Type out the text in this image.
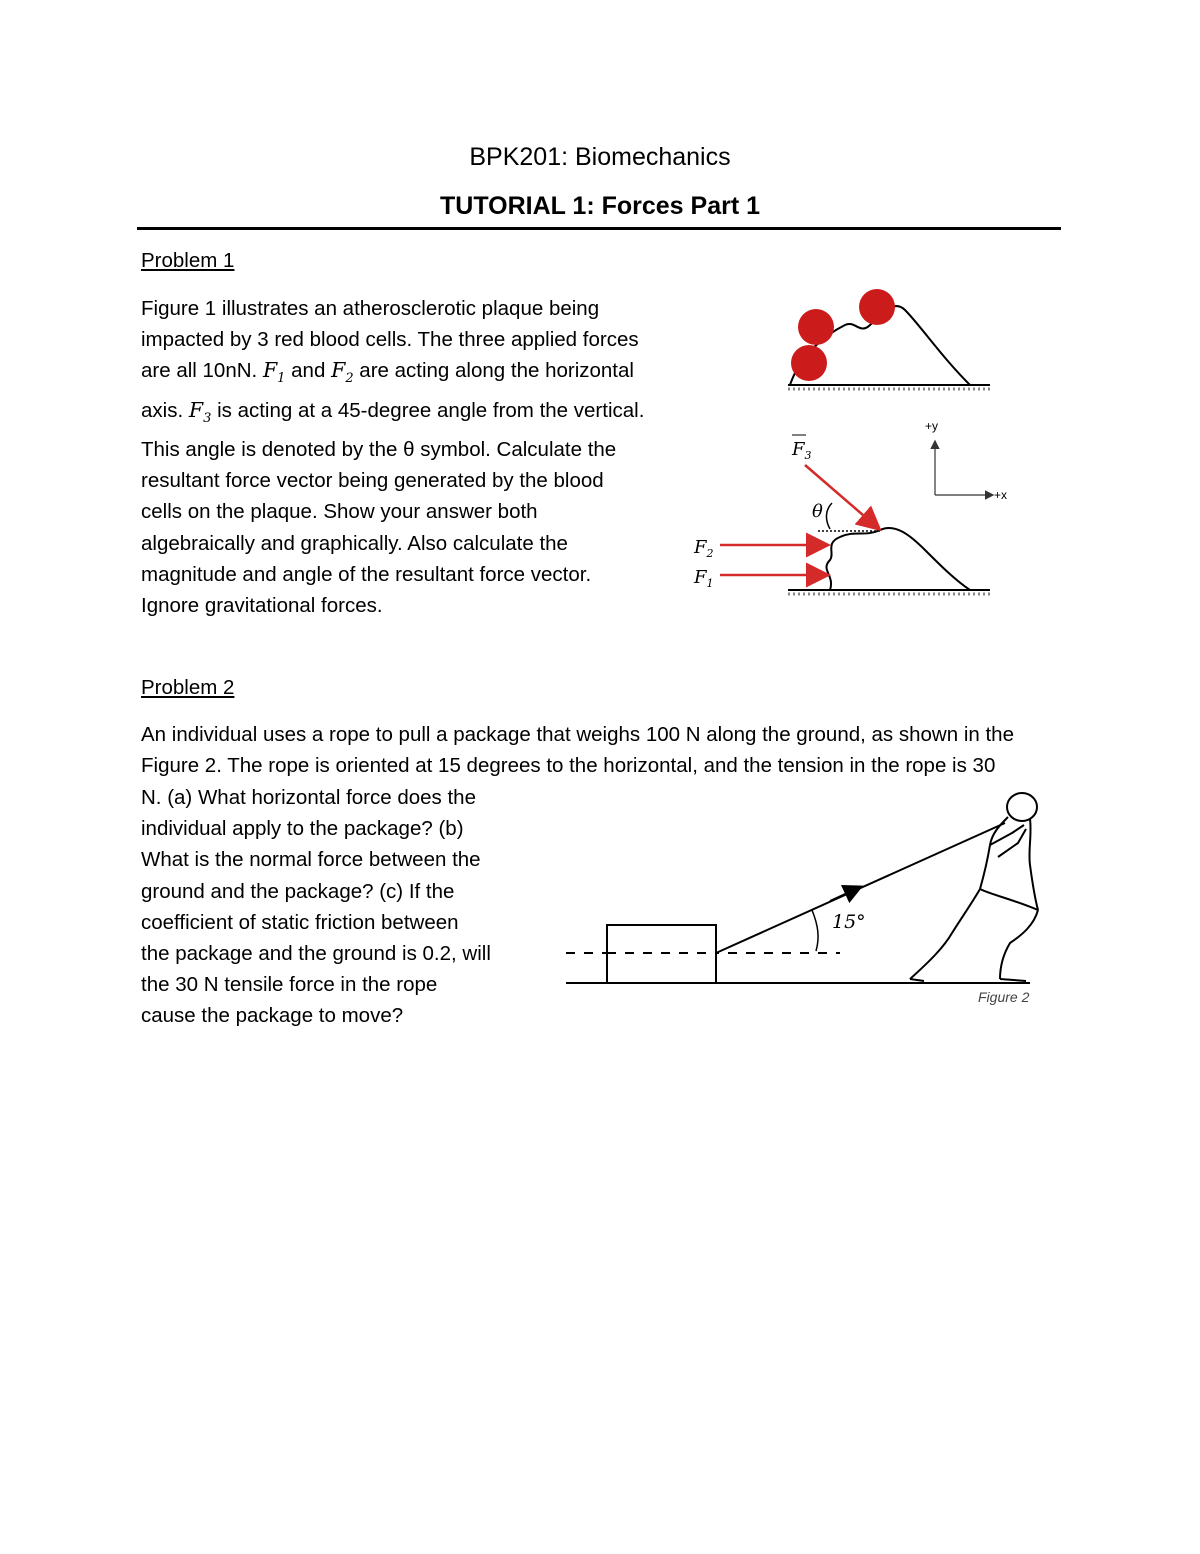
BPK201: Biomechanics
TUTORIAL 1: Forces Part 1
Problem 1
Figure 1 illustrates an atherosclerotic plaque being
impacted by 3 red blood cells. The three applied forces
are all 10nN. $F_1$ and $F_2$ are acting along the horizontal
axis. $F_3$ is acting at a 45-degree angle from the vertical.
This angle is denoted by the θ symbol. Calculate the
resultant force vector being generated by the blood
cells on the plaque. Show your answer both
algebraically and graphically. Also calculate the
magnitude and angle of the resultant force vector.
Ignore gravitational forces.
$F_3$
$F_2$
$F_1$
θ
+y
+x
Problem 2
An individual uses a rope to pull a package that weighs 100 N along the ground, as shown in the
Figure 2. The rope is oriented at 15 degrees to the horizontal, and the tension in the rope is 30
N. (a) What horizontal force does the
individual apply to the package? (b)
What is the normal force between the
ground and the package? (c) If the
coefficient of static friction between
the package and the ground is 0.2, will
the 30 N tensile force in the rope
cause the package to move?
15°
Figure 2
